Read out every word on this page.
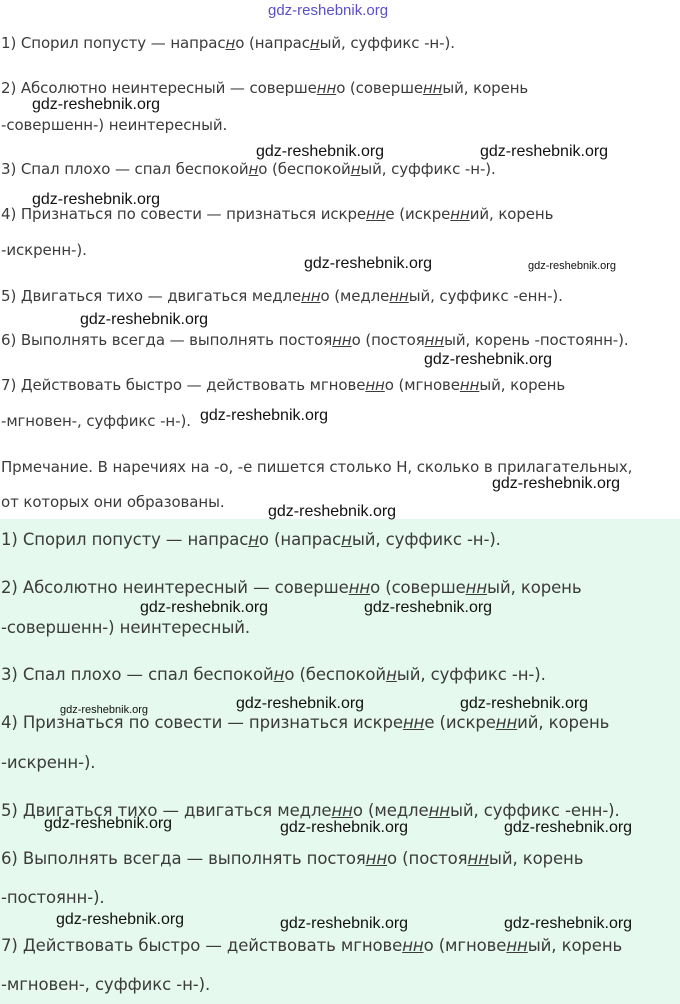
1) Спорил попусту — напрасно (напрасный, суффикс -н-).
2) Абсолютно неинтересный — совершенно (совершенный, корень
-совершенн-) неинтересный.
3) Спал плохо — спал беспокойно (беспокойный, суффикс -н-).
4) Признаться по совести — признаться искренне (искренний, корень
-искренн-).
5) Двигаться тихо — двигаться медленно (медленный, суффикс -енн-).
6) Выполнять всегда — выполнять постоянно (постоянный, корень -постоянн-).
7) Действовать быстро — действовать мгновенно (мгновенный, корень
-мгновен-, суффикс -н-).
Прмечание. В наречиях на -о, -е пишется столько Н, сколько в прилагательных,
от которых они образованы.
1) Спорил попусту — напрасно (напрасный, суффикс -н-).
2) Абсолютно неинтересный — совершенно (совершенный, корень
-совершенн-) неинтересный.
3) Спал плохо — спал беспокойно (беспокойный, суффикс -н-).
4) Признаться по совести — признаться искренне (искренний, корень
-искренн-).
5) Двигаться тихо — двигаться медленно (медленный, суффикс -енн-).
6) Выполнять всегда — выполнять постоянно (постоянный, корень
-постоянн-).
7) Действовать быстро — действовать мгновенно (мгновенный, корень
-мгновен-, суффикс -н-).
gdz-reshebnik.org
gdz-reshebnik.org
gdz-reshebnik.org	gdz-reshebnik.org
gdz-reshebnik.org
gdz-reshebnik.org	gdz-reshebnik.org
gdz-reshebnik.org
gdz-reshebnik.org
gdz-reshebnik.org
gdz-reshebnik.org
gdz-reshebnik.org
gdz-reshebnik.org	gdz-reshebnik.org
gdz-reshebnik.org	gdz-reshebnik.org	gdz-reshebnik.org
gdz-reshebnik.org	gdz-reshebnik.org	gdz-reshebnik.org
gdz-reshebnik.org	gdz-reshebnik.org	gdz-reshebnik.org
